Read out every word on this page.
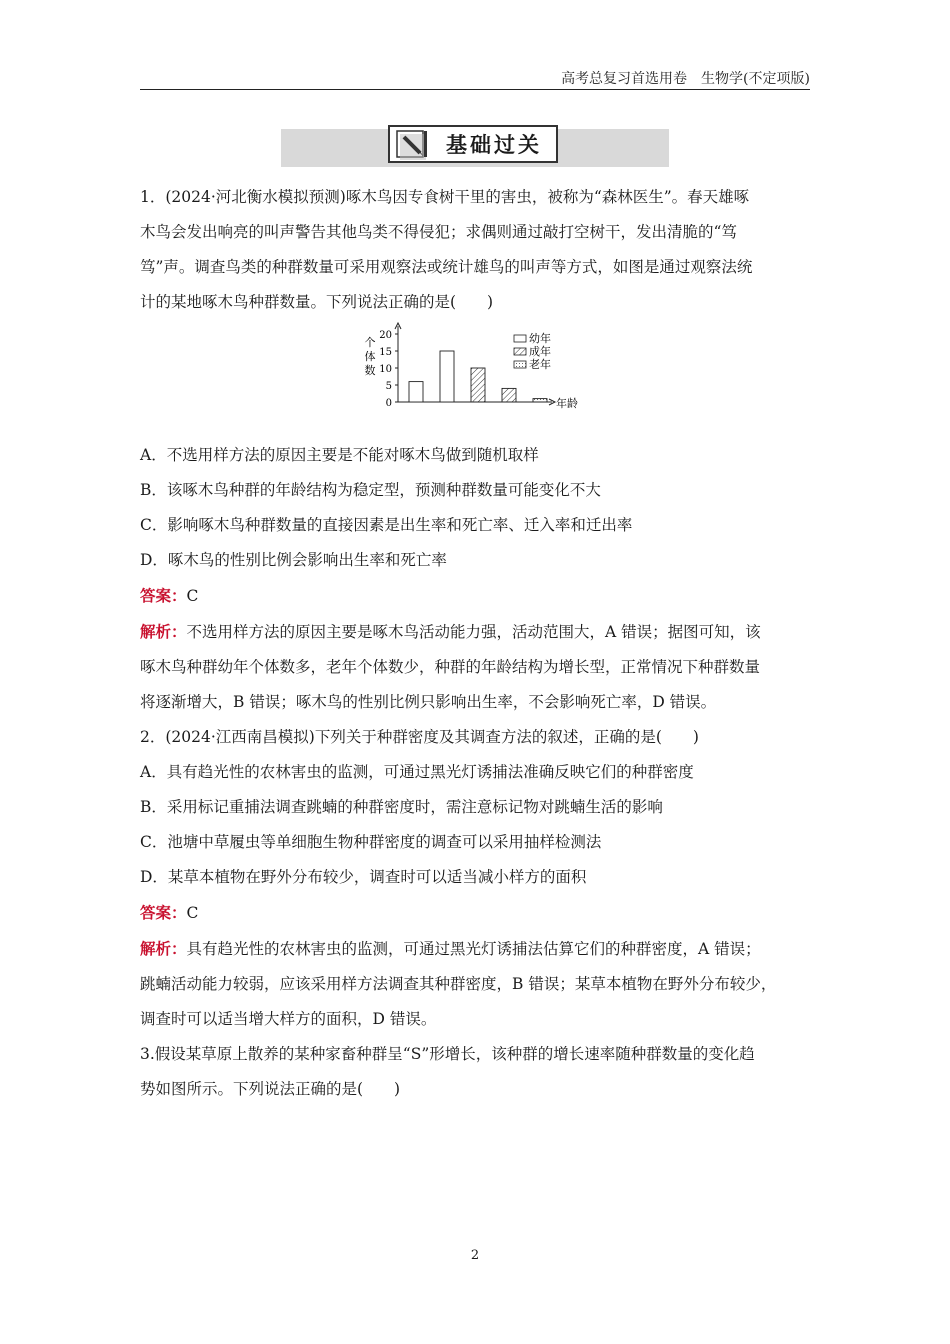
高考总复习首选用卷　生物学(不定项版)
基础过关

1．(2024·河北衡水模拟预测)啄木鸟因专食树干里的害虫，被称为“森林医生”。春天雄啄

木鸟会发出响亮的叫声警告其他鸟类不得侵犯；求偶则通过敲打空树干，发出清脆的“笃

笃”声。调查鸟类的种群数量可采用观察法或统计雄鸟的叫声等方式，如图是通过观察法统

计的某地啄木鸟种群数量。下列说法正确的是(　　)

个
体
数
年龄
0
5
10
15
20	幼年
成年
老年

A．不选用样方法的原因主要是不能对啄木鸟做到随机取样

B．该啄木鸟种群的年龄结构为稳定型，预测种群数量可能变化不大

C．影响啄木鸟种群数量的直接因素是出生率和死亡率、迁入率和迁出率

D．啄木鸟的性别比例会影响出生率和死亡率

答案：C

解析：不选用样方法的原因主要是啄木鸟活动能力强，活动范围大，A 错误；据图可知，该

啄木鸟种群幼年个体数多，老年个体数少，种群的年龄结构为增长型，正常情况下种群数量

将逐渐增大，B 错误；啄木鸟的性别比例只影响出生率，不会影响死亡率，D 错误。

2．(2024·江西南昌模拟)下列关于种群密度及其调查方法的叙述，正确的是(　　)

A．具有趋光性的农林害虫的监测，可通过黑光灯诱捕法准确反映它们的种群密度

B．采用标记重捕法调查跳蝻的种群密度时，需注意标记物对跳蝻生活的影响

C．池塘中草履虫等单细胞生物种群密度的调查可以采用抽样检测法

D．某草本植物在野外分布较少，调查时可以适当减小样方的面积

答案：C

解析：具有趋光性的农林害虫的监测，可通过黑光灯诱捕法估算它们的种群密度，A 错误；

跳蝻活动能力较弱，应该采用样方法调查其种群密度，B 错误；某草本植物在野外分布较少，

调查时可以适当增大样方的面积，D 错误。

3.假设某草原上散养的某种家畜种群呈“S”形增长，该种群的增长速率随种群数量的变化趋

势如图所示。下列说法正确的是(　　)

2
